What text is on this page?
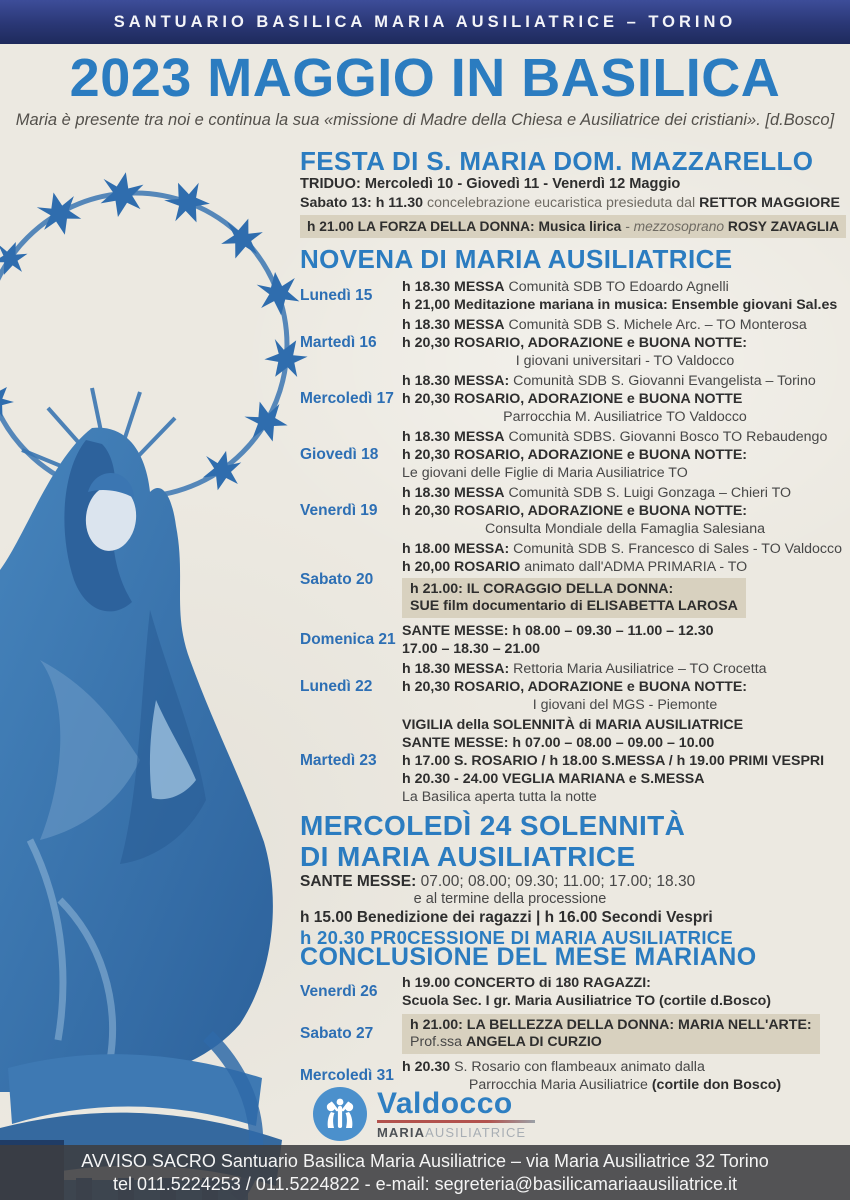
SANTUARIO BASILICA MARIA AUSILIATRICE – TORINO
2023 MAGGIO IN BASILICA

Maria è presente tra noi e continua la sua «missione di Madre della Chiesa e Ausiliatrice dei cristiani». [d.Bosco]

FESTA DI S. MARIA DOM. MAZZARELLO
TRIDUO: Mercoledì 10 - Giovedì 11 - Venerdì 12 Maggio
Sabato 13: h 11.30 concelebrazione eucaristica presieduta dal RETTOR MAGGIORE
h 21.00 LA FORZA DELLA DONNA: Musica lirica - mezzosoprano ROSY ZAVAGLIA
NOVENA DI MARIA AUSILIATRICE
Lunedì 15	h 18.30 MESSA Comunità SDB TO Edoardo Agnelli
h 21,00 Meditazione mariana in musica: Ensemble giovani Sal.es
Martedì 16
h 18.30 MESSA Comunità SDB S. Michele Arc. – TO Monterosa
h 20,30 ROSARIO, ADORAZIONE e BUONA NOTTE:
I giovani universitari - TO Valdocco
Mercoledì 17
h 18.30 MESSA: Comunità SDB S. Giovanni Evangelista – Torino
h 20,30 ROSARIO, ADORAZIONE e BUONA NOTTE
Parrocchia M. Ausiliatrice TO Valdocco
Giovedì 18
h 18.30 MESSA Comunità SDBS. Giovanni Bosco TO Rebaudengo
h 20,30 ROSARIO, ADORAZIONE e BUONA NOTTE:
Le giovani delle Figlie di Maria Ausiliatrice TO
Venerdì 19
h 18.30 MESSA Comunità SDB S. Luigi Gonzaga – Chieri TO
h 20,30 ROSARIO, ADORAZIONE e BUONA NOTTE:
Consulta Mondiale della Famaglia Salesiana
Sabato 20
h 18.00 MESSA: Comunità SDB S. Francesco di Sales - TO Valdocco
h 20,00 ROSARIO animato dall'ADMA PRIMARIA - TO
h 21.00: IL CORAGGIO DELLA DONNA:
SUE film documentario di ELISABETTA LAROSA
Domenica 21 SANTE MESSE: h 08.00 – 09.30 – 11.00 – 12.30
17.00 – 18.30 – 21.00
Lunedì 22
h 18.30 MESSA: Rettoria Maria Ausiliatrice – TO Crocetta
h 20,30 ROSARIO, ADORAZIONE e BUONA NOTTE:
I giovani del MGS - Piemonte
Martedì 23
VIGILIA della SOLENNITÀ di MARIA AUSILIATRICE
SANTE MESSE: h 07.00 – 08.00 – 09.00 – 10.00
h 17.00 S. ROSARIO / h 18.00 S.MESSA / h 19.00 PRIMI VESPRI
h 20.30 - 24.00 VEGLIA MARIANA e S.MESSA
La Basilica aperta tutta la notte
MERCOLEDÌ 24 SOLENNITÀ
DI MARIA AUSILIATRICE
SANTE MESSE: 07.00; 08.00; 09.30; 11.00; 17.00; 18.30
e al termine della processione
h 15.00 Benedizione dei ragazzi | h 16.00 Secondi Vespri
h 20.30 PR0CESSIONE DI MARIA AUSILIATRICE
CONCLUSIONE DEL MESE MARIANO
Venerdì 26	h 19.00 CONCERTO di 180 RAGAZZI:
Scuola Sec. I gr. Maria Ausiliatrice TO (cortile d.Bosco)
Sabato 27	h 21.00: LA BELLEZZA DELLA DONNA: MARIA NELL'ARTE:
Prof.ssa ANGELA DI CURZIO
Mercoledì 31 h 20.30 S. Rosario con flambeaux animato dalla
Parrocchia Maria Ausiliatrice (cortile don Bosco)
Valdocco
MARIAAUSILIATRICE
AVVISO SACRO Santuario Basilica Maria Ausiliatrice – via Maria Ausiliatrice 32 Torino
tel 011.5224253 / 011.5224822 - e-mail: segreteria@basilicamariaausiliatrice.it
